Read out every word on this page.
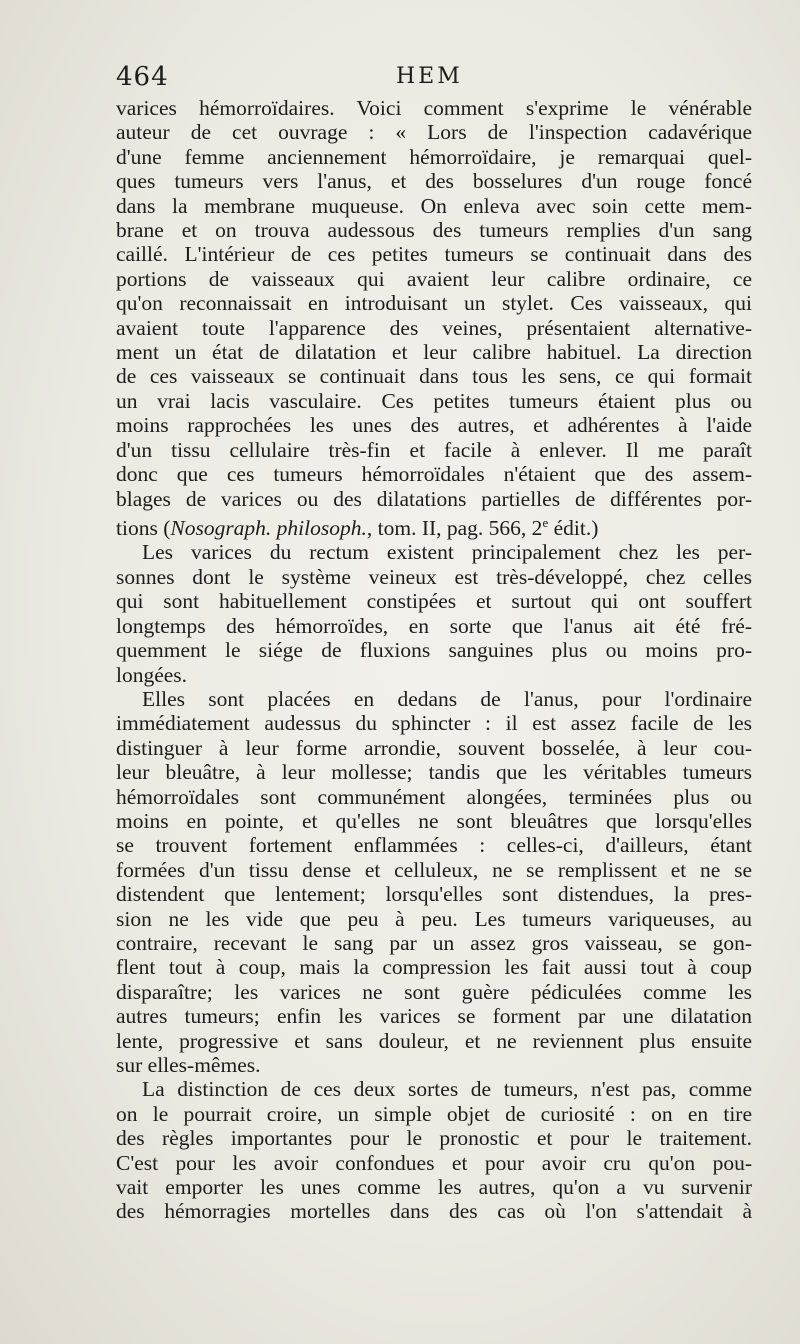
464	HEM
varices hémorroïdaires. Voici comment s'exprime le vénérable
auteur de cet ouvrage : « Lors de l'inspection cadavérique
d'une femme anciennement hémorroïdaire, je remarquai quel-
ques tumeurs vers l'anus, et des bosselures d'un rouge foncé
dans la membrane muqueuse. On enleva avec soin cette mem-
brane et on trouva audessous des tumeurs remplies d'un sang
caillé. L'intérieur de ces petites tumeurs se continuait dans des
portions de vaisseaux qui avaient leur calibre ordinaire, ce
qu'on reconnaissait en introduisant un stylet. Ces vaisseaux, qui
avaient toute l'apparence des veines, présentaient alternative-
ment un état de dilatation et leur calibre habituel. La direction
de ces vaisseaux se continuait dans tous les sens, ce qui formait
un vrai lacis vasculaire. Ces petites tumeurs étaient plus ou
moins rapprochées les unes des autres, et adhérentes à l'aide
d'un tissu cellulaire très-fin et facile à enlever. Il me paraît
donc que ces tumeurs hémorroïdales n'étaient que des assem-
blages de varices ou des dilatations partielles de différentes por-
tions (Nosograph. philosoph., tom. II, pag. 566, 2e édit.)
Les varices du rectum existent principalement chez les per-
sonnes dont le système veineux est très-développé, chez celles
qui sont habituellement constipées et surtout qui ont souffert
longtemps des hémorroïdes, en sorte que l'anus ait été fré-
quemment le siége de fluxions sanguines plus ou moins pro-
longées.
Elles sont placées en dedans de l'anus, pour l'ordinaire
immédiatement audessus du sphincter : il est assez facile de les
distinguer à leur forme arrondie, souvent bosselée, à leur cou-
leur bleuâtre, à leur mollesse; tandis que les véritables tumeurs
hémorroïdales sont communément alongées, terminées plus ou
moins en pointe, et qu'elles ne sont bleuâtres que lorsqu'elles
se trouvent fortement enflammées : celles-ci, d'ailleurs, étant
formées d'un tissu dense et celluleux, ne se remplissent et ne se
distendent que lentement; lorsqu'elles sont distendues, la pres-
sion ne les vide que peu à peu. Les tumeurs variqueuses, au
contraire, recevant le sang par un assez gros vaisseau, se gon-
flent tout à coup, mais la compression les fait aussi tout à coup
disparaître; les varices ne sont guère pédiculées comme les
autres tumeurs; enfin les varices se forment par une dilatation
lente, progressive et sans douleur, et ne reviennent plus ensuite
sur elles-mêmes.
La distinction de ces deux sortes de tumeurs, n'est pas, comme
on le pourrait croire, un simple objet de curiosité : on en tire
des règles importantes pour le pronostic et pour le traitement.
C'est pour les avoir confondues et pour avoir cru qu'on pou-
vait emporter les unes comme les autres, qu'on a vu survenir
des hémorragies mortelles dans des cas où l'on s'attendait à
